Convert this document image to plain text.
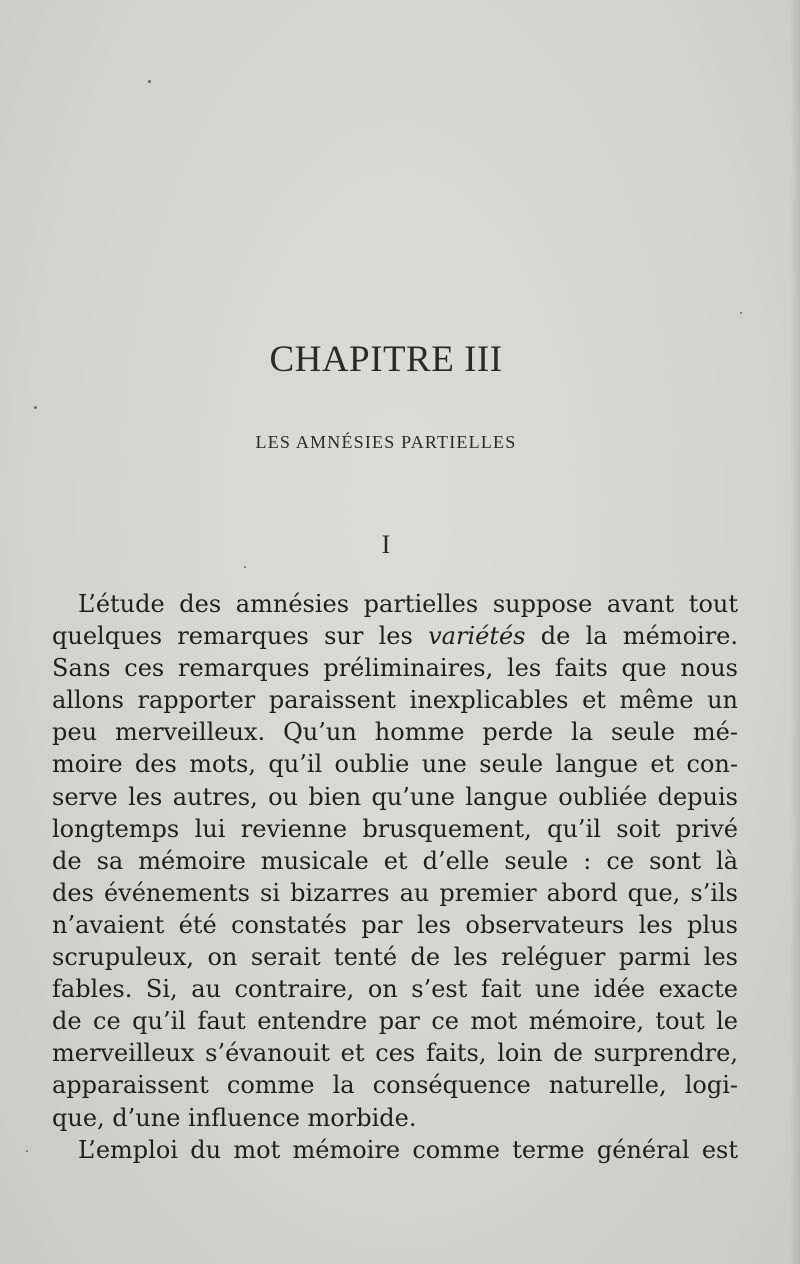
CHAPITRE III
LES AMNÉSIES PARTIELLES
I
L’étude des amnésies partielles suppose avant tout
quelques remarques sur les variétés de la mémoire.
Sans ces remarques préliminaires, les faits que nous
allons rapporter paraissent inexplicables et même un
peu merveilleux. Qu’un homme perde la seule mé-
moire des mots, qu’il oublie une seule langue et con-
serve les autres, ou bien qu’une langue oubliée depuis
longtemps lui revienne brusquement, qu’il soit privé
de sa mémoire musicale et d’elle seule : ce sont là
des événements si bizarres au premier abord que, s’ils
n’avaient été constatés par les observateurs les plus
scrupuleux, on serait tenté de les reléguer parmi les
fables. Si, au contraire, on s’est fait une idée exacte
de ce qu’il faut entendre par ce mot mémoire, tout le
merveilleux s’évanouit et ces faits, loin de surprendre,
apparaissent comme la conséquence naturelle, logi-
que, d’une influence morbide.
L’emploi du mot mémoire comme terme général est
